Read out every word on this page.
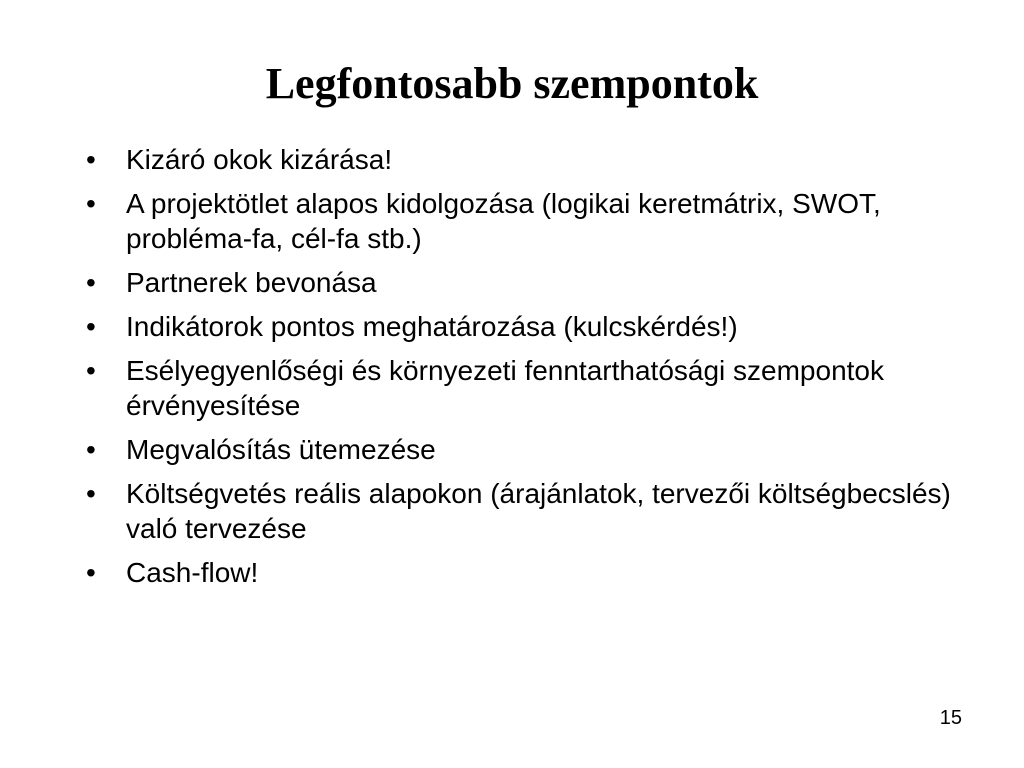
Legfontosabb szempontok
•	Kizáró okok kizárása!
•	A projektötlet alapos kidolgozása (logikai keretmátrix, SWOT, probléma-fa, cél-fa stb.)
•	Partnerek bevonása
•	Indikátorok pontos meghatározása (kulcskérdés!)
•	Esélyegyenlőségi és környezeti fenntarthatósági szempontok érvényesítése
•	Megvalósítás ütemezése
•	Költségvetés reális alapokon (árajánlatok, tervezői költségbecslés) való tervezése
•	Cash-flow!
15
